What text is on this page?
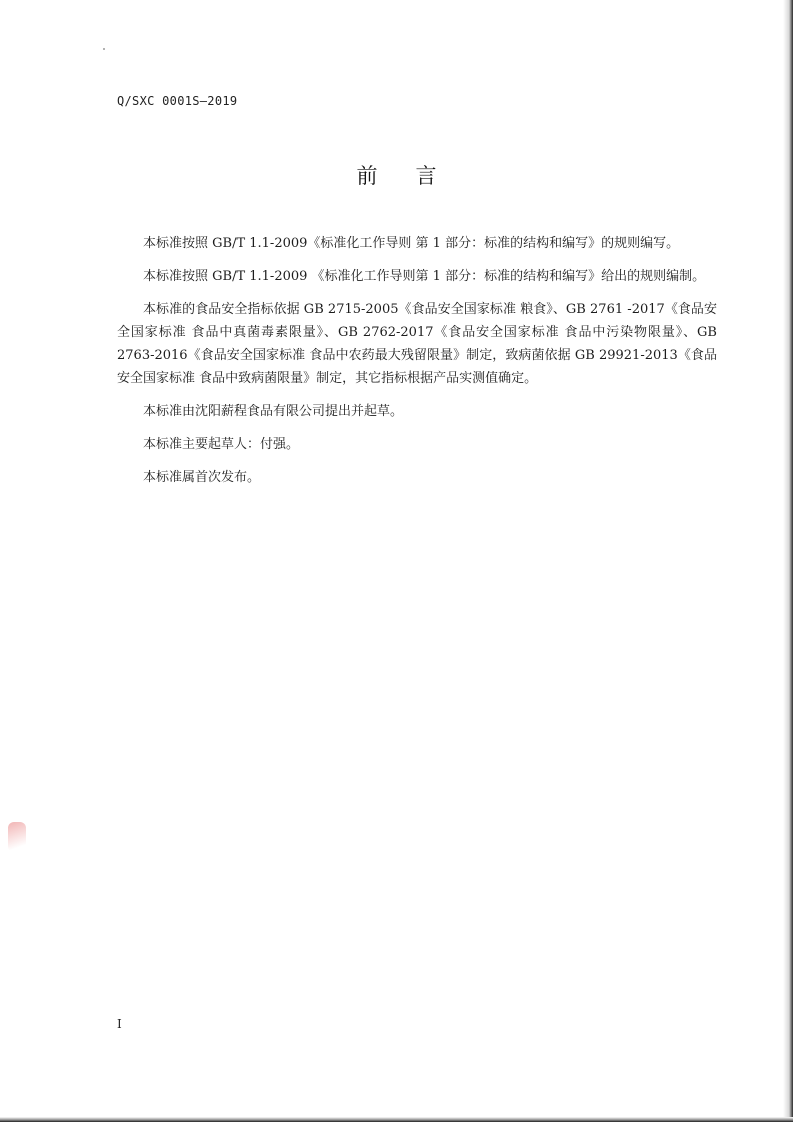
Q/SXC 0001S—2019
前言

本标准按照 GB/T 1.1-2009《标准化工作导则 第 1 部分：标准的结构和编写》的规则编写。

本标准按照 GB/T 1.1-2009 《标准化工作导则第 1 部分：标准的结构和编写》给出的规则编制。

本标准的食品安全指标依据 GB 2715-2005《食品安全国家标准 粮食》、GB 2761 -2017《食品安全国家标准 食品中真菌毒素限量》、GB 2762-2017《食品安全国家标准 食品中污染物限量》、GB 2763-2016《食品安全国家标准 食品中农药最大残留限量》制定，致病菌依据 GB 29921-2013《食品安全国家标准 食品中致病菌限量》制定，其它指标根据产品实测值确定。

本标准由沈阳薪程食品有限公司提出并起草。

本标准主要起草人：付强。

本标准属首次发布。

I
